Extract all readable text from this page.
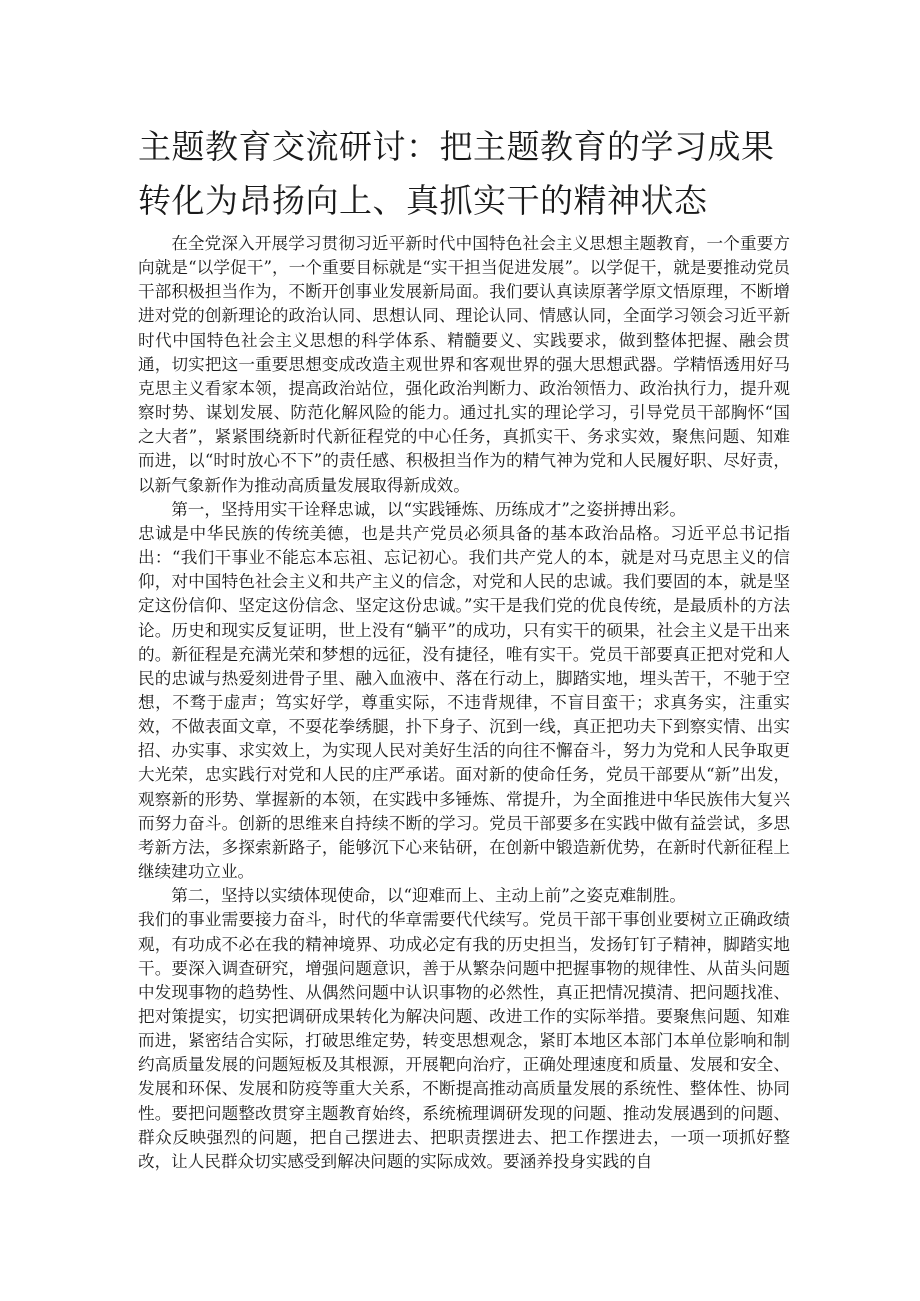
主题教育交流研讨：把主题教育的学习成果转化为昂扬向上、真抓实干的精神状态

在全党深入开展学习贯彻习近平新时代中国特色社会主义思想主题教育，一个重要方向就是“以学促干”，一个重要目标就是“实干担当促进发展”。以学促干，就是要推动党员干部积极担当作为，不断开创事业发展新局面。我们要认真读原著学原文悟原理，不断增进对党的创新理论的政治认同、思想认同、理论认同、情感认同，全面学习领会习近平新时代中国特色社会主义思想的科学体系、精髓要义、实践要求，做到整体把握、融会贯通，切实把这一重要思想变成改造主观世界和客观世界的强大思想武器。学精悟透用好马克思主义看家本领，提高政治站位，强化政治判断力、政治领悟力、政治执行力，提升观察时势、谋划发展、防范化解风险的能力。通过扎实的理论学习，引导党员干部胸怀“国之大者”，紧紧围绕新时代新征程党的中心任务，真抓实干、务求实效，聚焦问题、知难而进，以“时时放心不下”的责任感、积极担当作为的精气神为党和人民履好职、尽好责，以新气象新作为推动高质量发展取得新成效。

第一，坚持用实干诠释忠诚，以“实践锤炼、历练成才”之姿拼搏出彩。

忠诚是中华民族的传统美德，也是共产党员必须具备的基本政治品格。习近平总书记指出：“我们干事业不能忘本忘祖、忘记初心。我们共产党人的本，就是对马克思主义的信仰，对中国特色社会主义和共产主义的信念，对党和人民的忠诚。我们要固的本，就是坚定这份信仰、坚定这份信念、坚定这份忠诚。”实干是我们党的优良传统，是最质朴的方法论。历史和现实反复证明，世上没有“躺平”的成功，只有实干的硕果，社会主义是干出来的。新征程是充满光荣和梦想的远征，没有捷径，唯有实干。党员干部要真正把对党和人民的忠诚与热爱刻进骨子里、融入血液中、落在行动上，脚踏实地，埋头苦干，不驰于空想，不骛于虚声；笃实好学，尊重实际，不违背规律，不盲目蛮干；求真务实，注重实效，不做表面文章，不耍花拳绣腿，扑下身子、沉到一线，真正把功夫下到察实情、出实招、办实事、求实效上，为实现人民对美好生活的向往不懈奋斗，努力为党和人民争取更大光荣，忠实践行对党和人民的庄严承诺。面对新的使命任务，党员干部要从“新”出发，观察新的形势、掌握新的本领，在实践中多锤炼、常提升，为全面推进中华民族伟大复兴而努力奋斗。创新的思维来自持续不断的学习。党员干部要多在实践中做有益尝试，多思考新方法，多探索新路子，能够沉下心来钻研，在创新中锻造新优势，在新时代新征程上继续建功立业。

第二，坚持以实绩体现使命，以“迎难而上、主动上前”之姿克难制胜。

我们的事业需要接力奋斗，时代的华章需要代代续写。党员干部干事创业要树立正确政绩观，有功成不必在我的精神境界、功成必定有我的历史担当，发扬钉钉子精神，脚踏实地干。要深入调查研究，增强问题意识，善于从繁杂问题中把握事物的规律性、从苗头问题中发现事物的趋势性、从偶然问题中认识事物的必然性，真正把情况摸清、把问题找准、把对策提实，切实把调研成果转化为解决问题、改进工作的实际举措。要聚焦问题、知难而进，紧密结合实际，打破思维定势，转变思想观念，紧盯本地区本部门本单位影响和制约高质量发展的问题短板及其根源，开展靶向治疗，正确处理速度和质量、发展和安全、发展和环保、发展和防疫等重大关系，不断提高推动高质量发展的系统性、整体性、协同性。要把问题整改贯穿主题教育始终，系统梳理调研发现的问题、推动发展遇到的问题、群众反映强烈的问题，把自己摆进去、把职责摆进去、把工作摆进去，一项一项抓好整改，让人民群众切实感受到解决问题的实际成效。要涵养投身实践的自
